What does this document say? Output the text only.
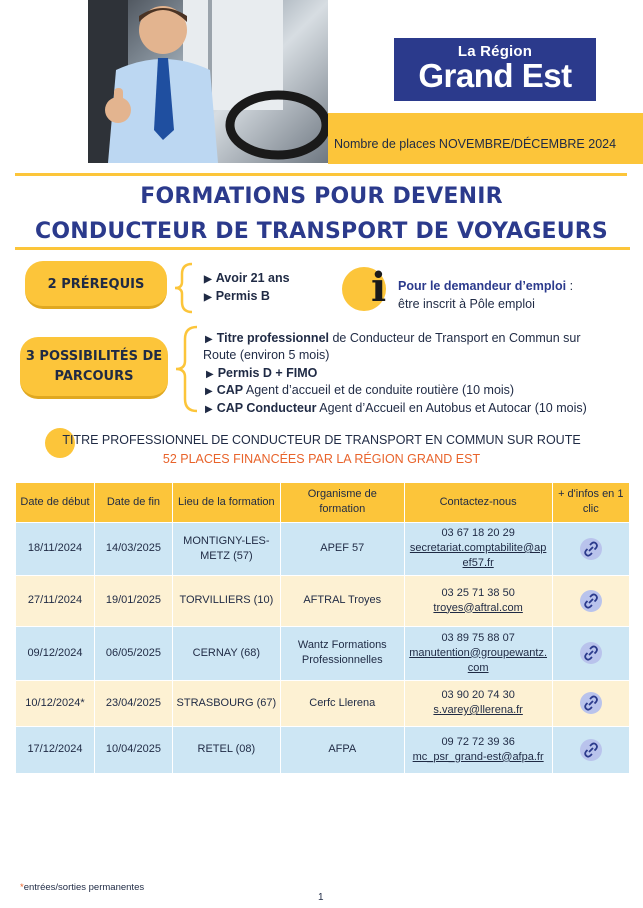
La Région
Grand Est
Nombre de places NOVEMBRE/DÉCEMBRE 2024
FORMATIONS POUR DEVENIR
CONDUCTEUR DE TRANSPORT DE VOYAGEURS
2 PRÉREQUIS	▶ Avoir 21 ans
▶ Permis B	i Pour le demandeur d’emploi :
être inscrit à Pôle emploi
3 POSSIBILITÉS DE
PARCOURS
▶ Titre professionnel de Conducteur de Transport en Commun sur
Route (environ 5 mois)
▶ Permis D + FIMO
▶ CAP Agent d’accueil et de conduite routière (10 mois)
▶ CAP Conducteur Agent d’Accueil en Autobus et Autocar (10 mois)
TITRE PROFESSIONNEL DE CONDUCTEUR DE TRANSPORT EN COMMUN SUR ROUTE
52 PLACES FINANCÉES PAR LA RÉGION GRAND EST
Date de début	Date de fin	Lieu de la formation	Organisme de formation	Contactez-nous	+ d'infos en 1 clic
18/11/2024	14/03/2025	MONTIGNY-LES-METZ (57)	APEF 57	03 67 18 20 29
secretariat.comptabilite@apef57.fr	

27/11/2024	19/01/2025	TORVILLIERS (10)	AFTRAL Troyes	03 25 71 38 50
troyes@aftral.com	

09/12/2024	06/05/2025	CERNAY (68)	Wantz Formations Professionnelles	03 89 75 88 07
manutention@groupewantz.com	

10/12/2024*	23/04/2025	STRASBOURG (67)	Cerfc Llerena	03 90 20 74 30
s.varey@llerena.fr	

17/12/2024	10/04/2025	RETEL (08)	AFPA	09 72 72 39 36
mc_psr_grand-est@afpa.fr	
*entrées/sorties permanentes
1
